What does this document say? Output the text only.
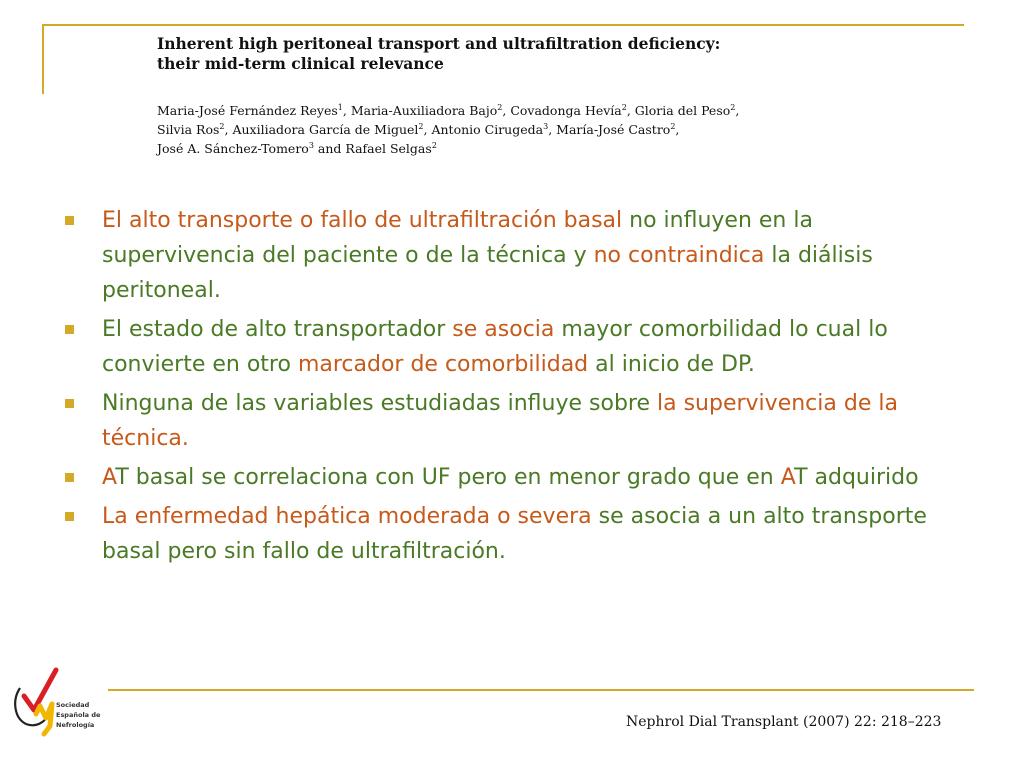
Inherent high peritoneal transport and ultrafiltration deficiency:
their mid-term clinical relevance

Maria-José Fernández Reyes$^1$, Maria-Auxiliadora Bajo$^2$, Covadonga Hevía$^2$, Gloria del Peso$^2$,
Silvia Ros$^2$, Auxiliadora García de Miguel$^2$, Antonio Cirugeda$^3$, María-José Castro$^2$,
José A. Sánchez-Tomero$^3$ and Rafael Selgas$^2$
El alto transporte o fallo de ultrafiltración basal no influyen en la supervivencia del paciente o de la técnica y no contraindica la diálisis peritoneal.
El estado de alto transportador se asocia mayor comorbilidad lo cual lo convierte en otro marcador de comorbilidad al inicio de DP.
Ninguna de las variables estudiadas influye sobre la supervivencia de la técnica.
AT basal se correlaciona con UF pero en menor grado que en AT adquirido
La enfermedad hepática moderada o severa se asocia a un alto transporte basal pero sin fallo de ultrafiltración.
Nephrol Dial Transplant (2007) 22: 218–223
Sociedad
Española de
Nefrología
